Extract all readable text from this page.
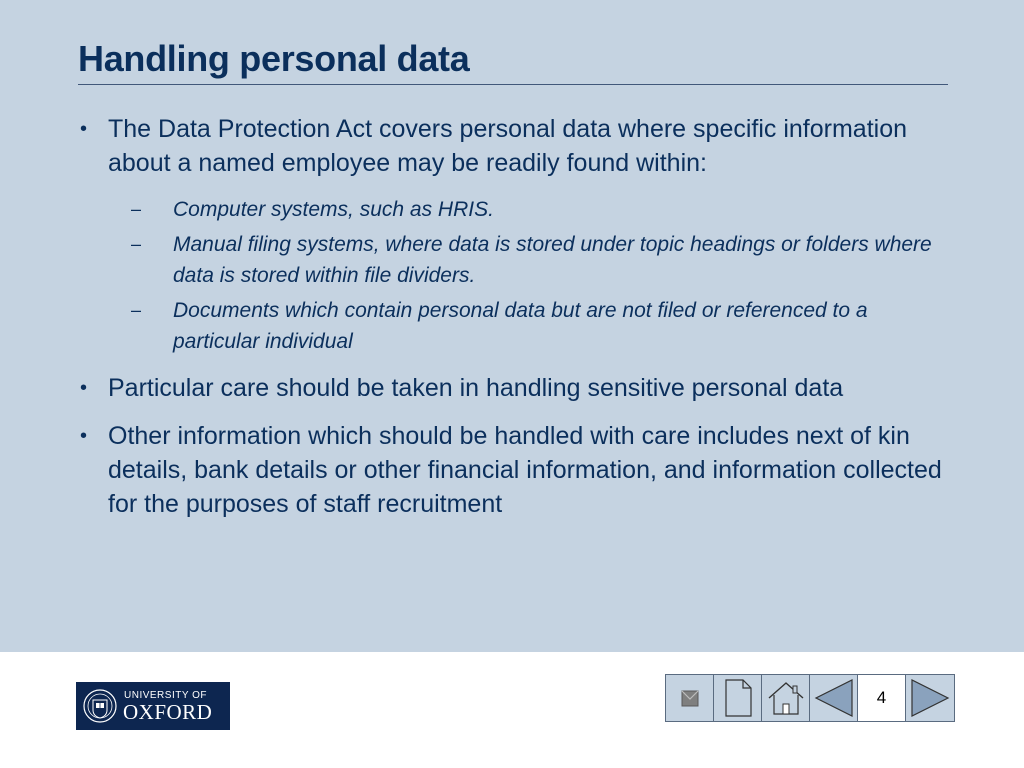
Handling personal data
• The Data Protection Act covers personal data where specific information about a named employee may be readily found within:
– Computer systems, such as HRIS.
– Manual filing systems, where data is stored under topic headings or folders where data is stored within file dividers.
– Documents which contain personal data but are not filed or referenced to a particular individual
• Particular care should be taken in handling sensitive personal data
• Other information which should be handled with care includes next of kin details, bank details or other financial information, and information collected for the purposes of staff recruitment
UNIVERSITY OF
OXFORD
4
